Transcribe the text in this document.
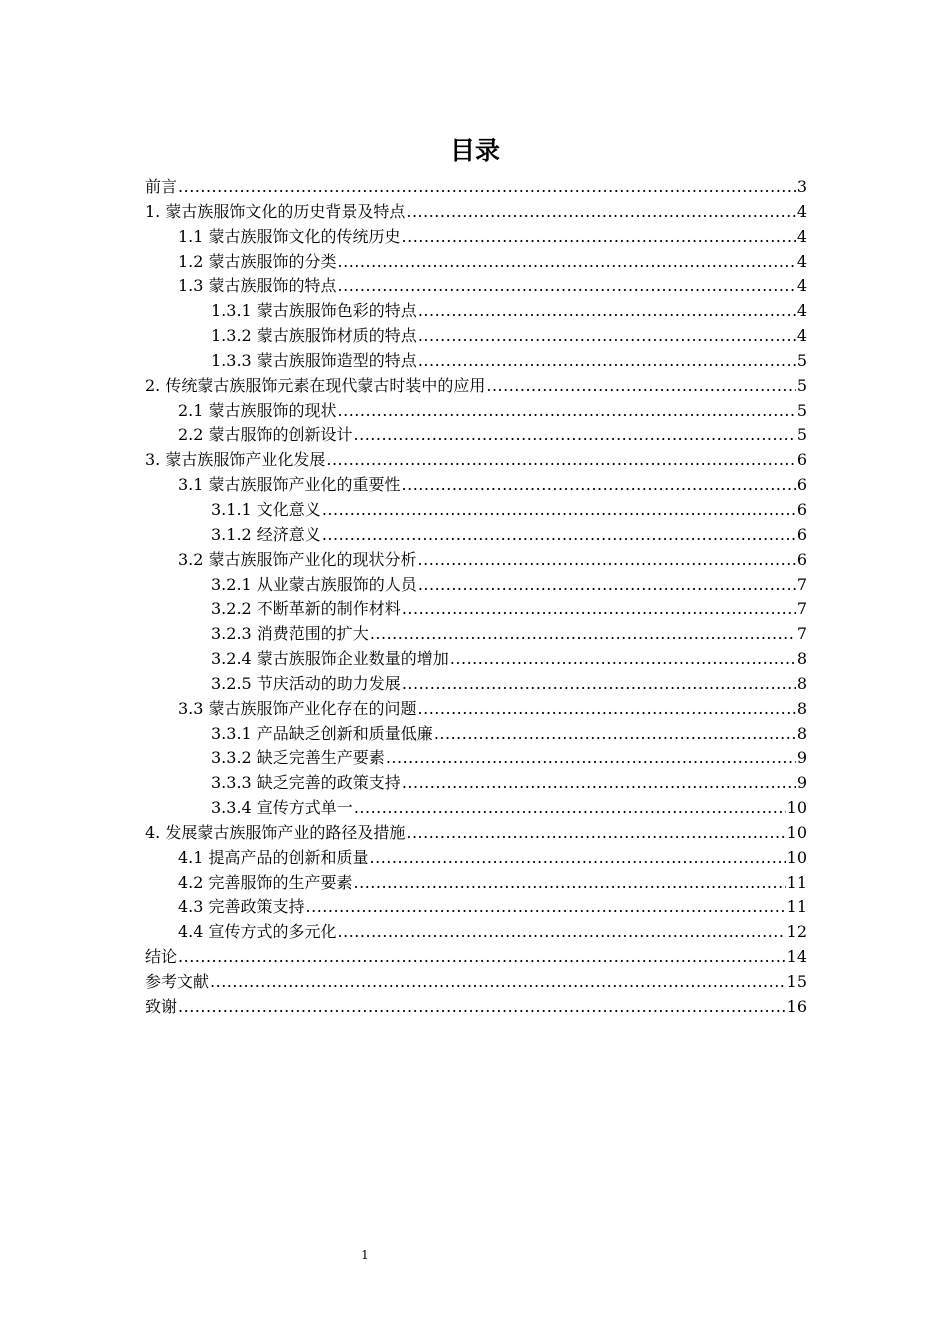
目录
前言 .....	3
1. 蒙古族服饰文化的历史背景及特点 .....	4
1.1 蒙古族服饰文化的传统历史 .....	4
1.2 蒙古族服饰的分类 .....	4
1.3 蒙古族服饰的特点 .....	4
1.3.1 蒙古族服饰色彩的特点 .....	4
1.3.2 蒙古族服饰材质的特点 .....	4
1.3.3 蒙古族服饰造型的特点 .....	5
2. 传统蒙古族服饰元素在现代蒙古时装中的应用 .....	5
2.1 蒙古族服饰的现状 .....	5
2.2 蒙古服饰的创新设计 .....	5
3. 蒙古族服饰产业化发展 .....	6
3.1 蒙古族服饰产业化的重要性 .....	6
3.1.1 文化意义 .....	6
3.1.2 经济意义 .....	6
3.2 蒙古族服饰产业化的现状分析 .....	6
3.2.1 从业蒙古族服饰的人员 .....	7
3.2.2 不断革新的制作材料 .....	7
3.2.3 消费范围的扩大 .....	7
3.2.4 蒙古族服饰企业数量的增加 .....	8
3.2.5 节庆活动的助力发展 .....	8
3.3 蒙古族服饰产业化存在的问题 .....	8
3.3.1 产品缺乏创新和质量低廉 .....	8
3.3.2 缺乏完善生产要素 .....	9
3.3.3 缺乏完善的政策支持 .....	9
3.3.4 宣传方式单一 .....	10
4. 发展蒙古族服饰产业的路径及措施 .....	10
4.1 提高产品的创新和质量 .....	10
4.2 完善服饰的生产要素 .....	11
4.3 完善政策支持 .....	11
4.4 宣传方式的多元化 .....	12
结论 .....	14
参考文献 .....	15
致谢 .....	16
1
